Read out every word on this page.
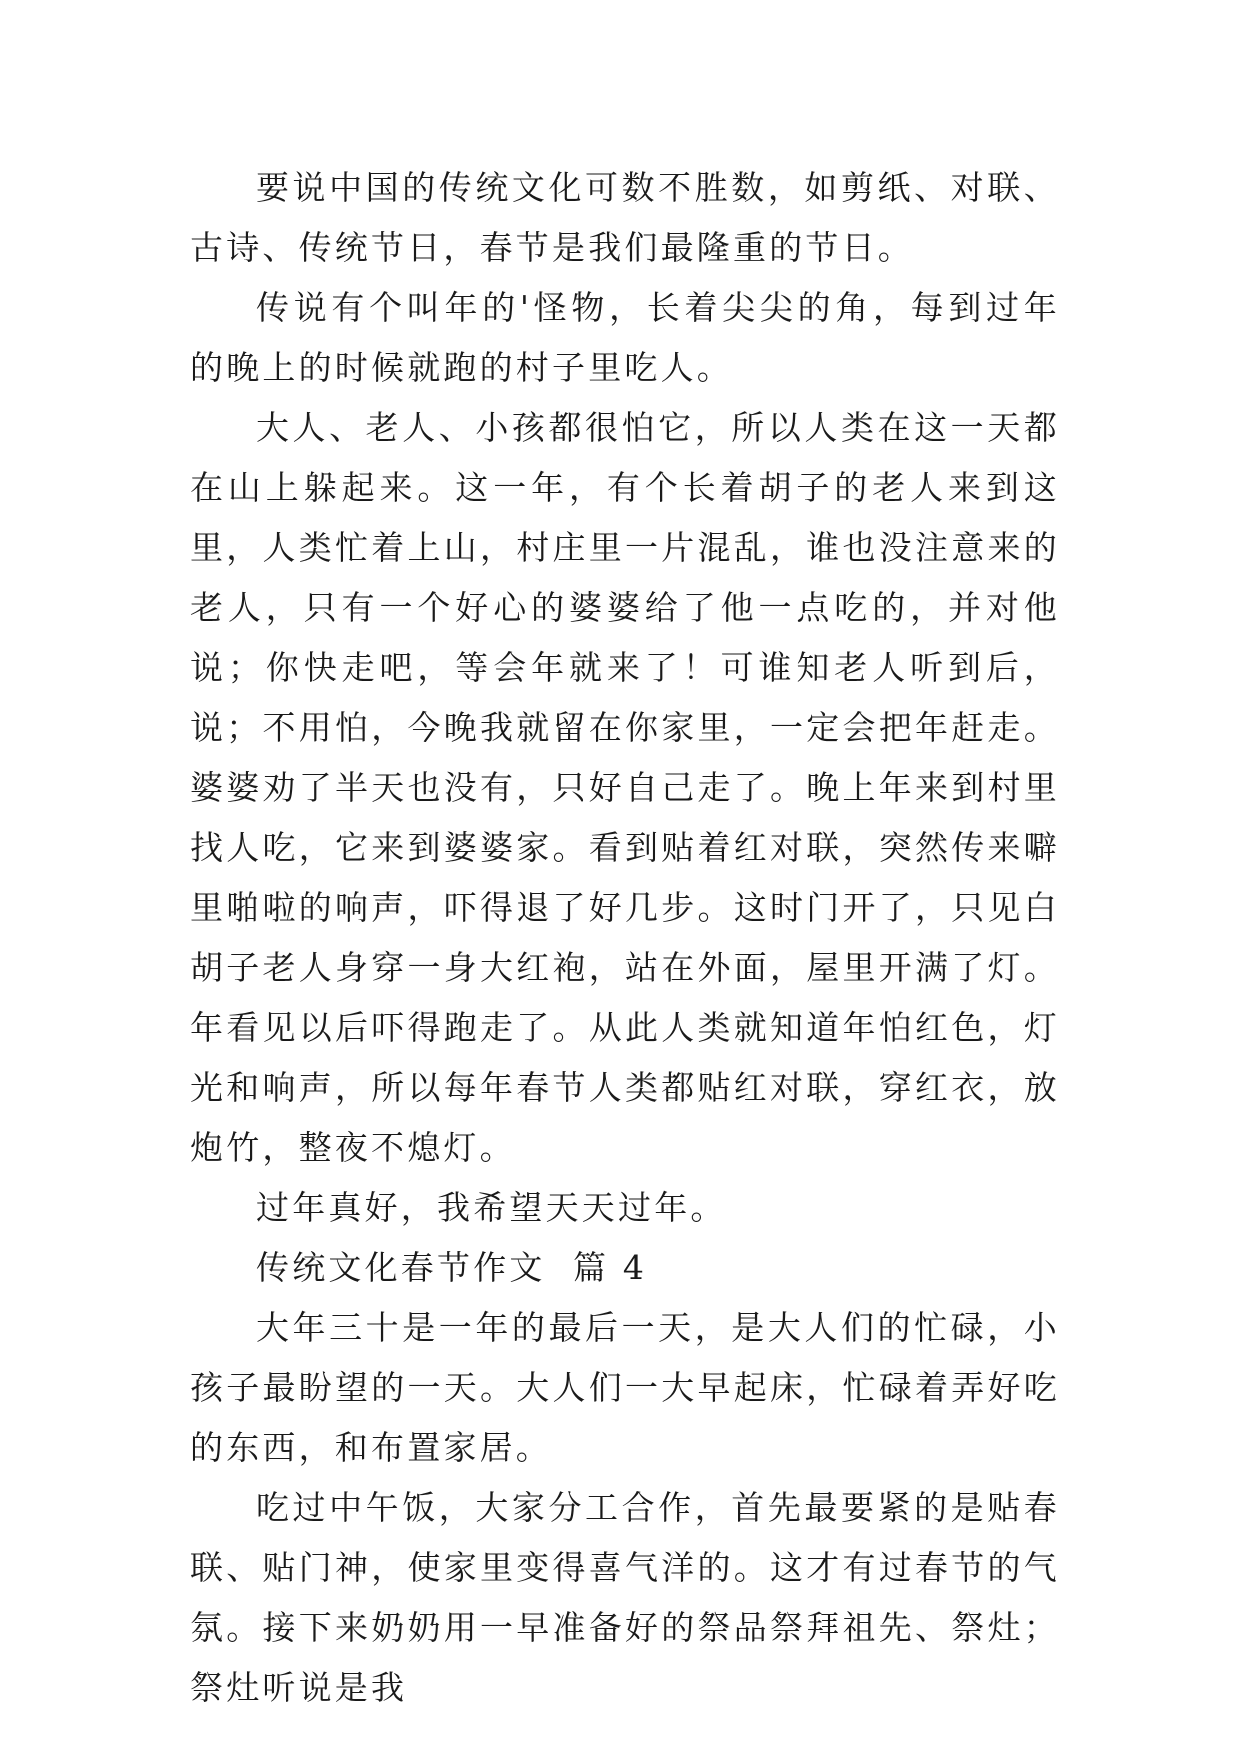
要说中国的传统文化可数不胜数，如剪纸、对联、古诗、传统节日，春节是我们最隆重的节日。

传说有个叫年的'怪物，长着尖尖的角，每到过年的晚上的时候就跑的村子里吃人。

大人、老人、小孩都很怕它，所以人类在这一天都在山上躲起来。这一年，有个长着胡子的老人来到这里，人类忙着上山，村庄里一片混乱，谁也没注意来的老人，只有一个好心的婆婆给了他一点吃的，并对他说；你快走吧，等会年就来了！可谁知老人听到后，说；不用怕，今晚我就留在你家里，一定会把年赶走。婆婆劝了半天也没有，只好自己走了。晚上年来到村里找人吃，它来到婆婆家。看到贴着红对联，突然传来噼里啪啦的响声，吓得退了好几步。这时门开了，只见白胡子老人身穿一身大红袍，站在外面，屋里开满了灯。年看见以后吓得跑走了。从此人类就知道年怕红色，灯光和响声，所以每年春节人类都贴红对联，穿红衣，放炮竹，整夜不熄灯。

过年真好，我希望天天过年。

传统文化春节作文  篇 4

大年三十是一年的最后一天，是大人们的忙碌，小孩子最盼望的一天。大人们一大早起床，忙碌着弄好吃的东西，和布置家居。

吃过中午饭，大家分工合作，首先最要紧的是贴春联、贴门神，使家里变得喜气洋的。这才有过春节的气氛。接下来奶奶用一早准备好的祭品祭拜祖先、祭灶；祭灶听说是我
